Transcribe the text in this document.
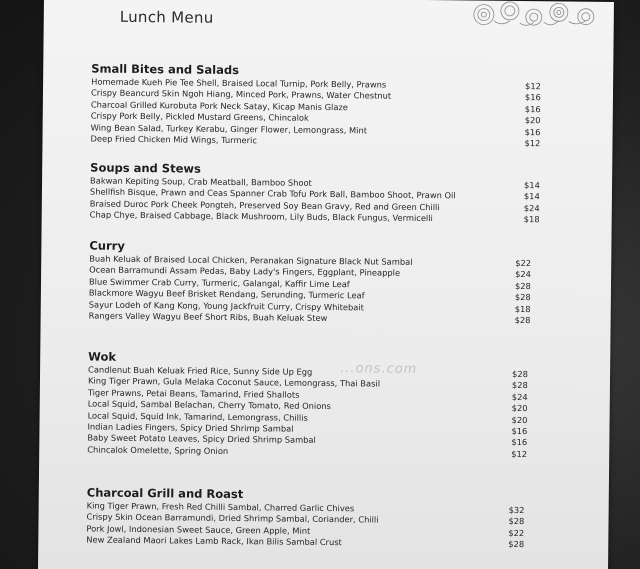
Lunch Menu
Small Bites and Salads
Homemade Kueh Pie Tee Shell, Braised Local Turnip, Pork Belly, Prawns	$12
Crispy Beancurd Skin Ngoh Hiang, Minced Pork, Prawns, Water Chestnut	$16
Charcoal Grilled Kurobuta Pork Neck Satay, Kicap Manis Glaze	$16
Crispy Pork Belly, Pickled Mustard Greens, Chincalok	$20
Wing Bean Salad, Turkey Kerabu, Ginger Flower, Lemongrass, Mint	$16
Deep Fried Chicken Mid Wings, Turmeric	$12
Soups and Stews
Bakwan Kepiting Soup, Crab Meatball, Bamboo Shoot	$14
Shellfish Bisque, Prawn and Ceas Spanner Crab Tofu Pork Ball, Bamboo Shoot, Prawn Oil	$14
Braised Duroc Pork Cheek Pongteh, Preserved Soy Bean Gravy, Red and Green Chilli	$24
Chap Chye, Braised Cabbage, Black Mushroom, Lily Buds, Black Fungus, Vermicelli	$18
Curry
Buah Keluak of Braised Local Chicken, Peranakan Signature Black Nut Sambal	$22
Ocean Barramundi Assam Pedas, Baby Lady's Fingers, Eggplant, Pineapple	$24
Blue Swimmer Crab Curry, Turmeric, Galangal, Kaffir Lime Leaf	$28
Blackmore Wagyu Beef Brisket Rendang, Serunding, Turmeric Leaf	$28
Sayur Lodeh of Kang Kong, Young Jackfruit Curry, Crispy Whitebait	$18
Rangers Valley Wagyu Beef Short Ribs, Buah Keluak Stew	$28
Wok
Candlenut Buah Keluak Fried Rice, Sunny Side Up Egg	$28
King Tiger Prawn, Gula Melaka Coconut Sauce, Lemongrass, Thai Basil	$28
Tiger Prawns, Petai Beans, Tamarind, Fried Shallots	$24
Local Squid, Sambal Belachan, Cherry Tomato, Red Onions	$20
Local Squid, Squid Ink, Tamarind, Lemongrass, Chillis	$20
Indian Ladies Fingers, Spicy Dried Shrimp Sambal	$16
Baby Sweet Potato Leaves, Spicy Dried Shrimp Sambal	$16
Chincalok Omelette, Spring Onion	$12
Charcoal Grill and Roast
King Tiger Prawn, Fresh Red Chilli Sambal, Charred Garlic Chives	$32
Crispy Skin Ocean Barramundi, Dried Shrimp Sambal, Coriander, Chilli	$28
Pork Jowl, Indonesian Sweet Sauce, Green Apple, Mint	$22
New Zealand Maori Lakes Lamb Rack, Ikan Bilis Sambal Crust	$28
...ons.com
